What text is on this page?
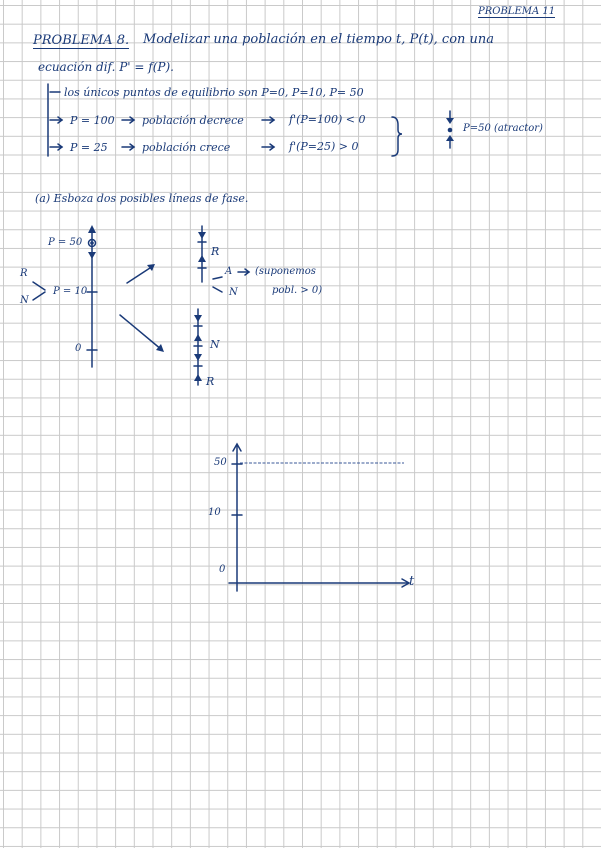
PROBLEMA 11
PROBLEMA 8. Modelizar una población en el tiempo t, P(t), con una
ecuación dif. P' = f(P).
los únicos puntos de equilibrio son P=0, P=10, P= 50
P = 100 población decrece	f'(P=100) < 0
P = 25	población crece	f'(P=25) > 0
P=50 (atractor)
(a) Esboza dos posibles líneas de fase.
P = 50
P = 10
0
R
N
R
A
N
(suponemos
pobl. > 0)
N
R
50
10
0
t
